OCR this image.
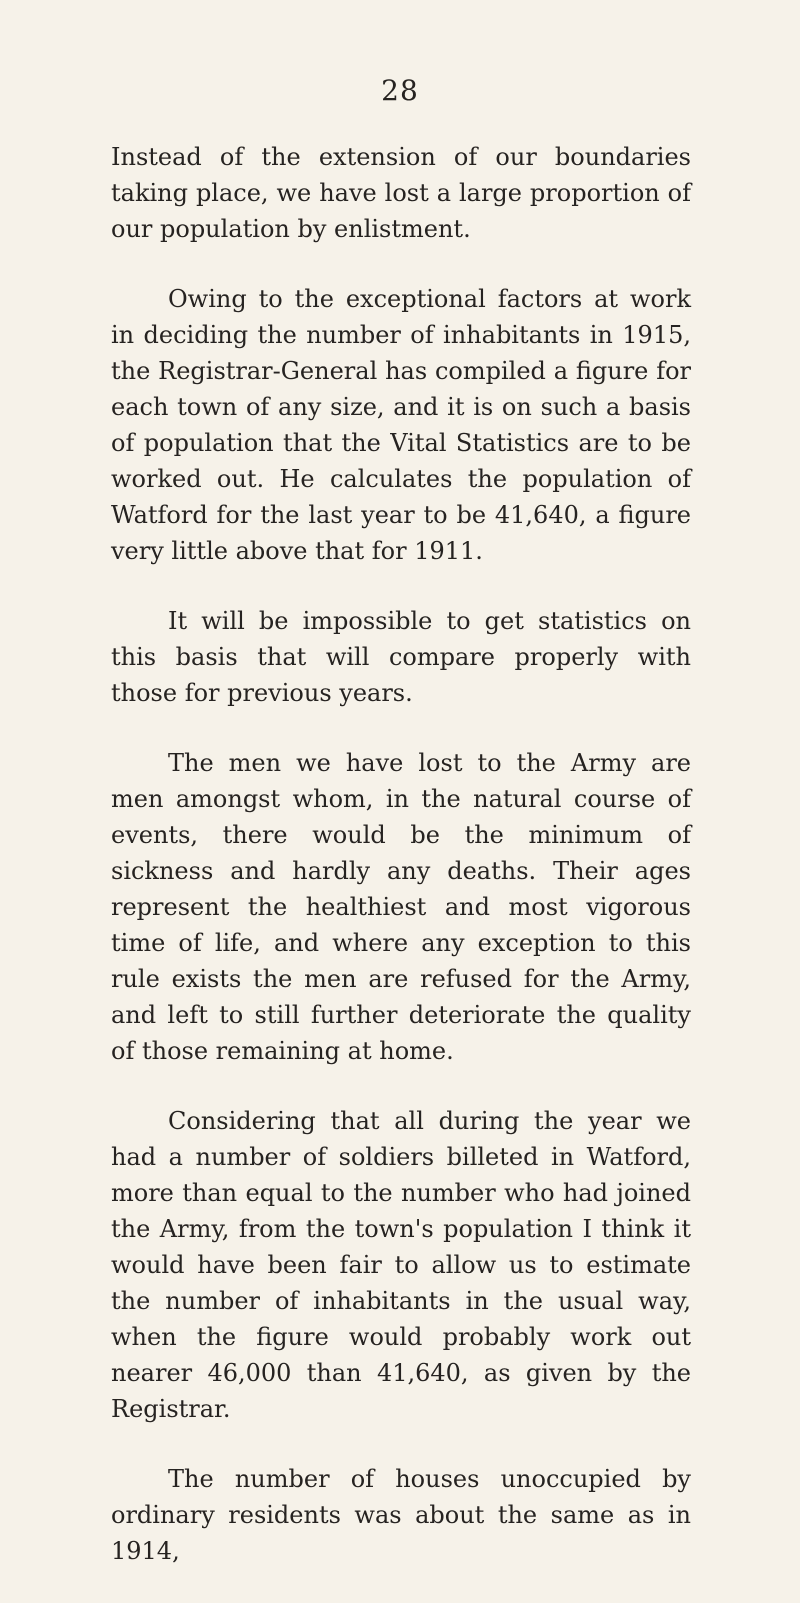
28

Instead of the extension of our boundaries taking place, we have lost a large proportion of our population by enlistment.

Owing to the exceptional factors at work in deciding the number of inhabitants in 1915, the Registrar-General has compiled a figure for each town of any size, and it is on such a basis of population that the Vital Statistics are to be worked out. He calculates the population of Watford for the last year to be 41,640, a figure very little above that for 1911.

It will be impossible to get statistics on this basis that will compare properly with those for previous years.

The men we have lost to the Army are men amongst whom, in the natural course of events, there would be the minimum of sickness and hardly any deaths. Their ages represent the healthiest and most vigorous time of life, and where any exception to this rule exists the men are refused for the Army, and left to still further deteriorate the quality of those remaining at home.

Considering that all during the year we had a number of soldiers billeted in Watford, more than equal to the number who had joined the Army, from the town's population I think it would have been fair to allow us to estimate the number of inhabitants in the usual way, when the figure would probably work out nearer 46,000 than 41,640, as given by the Registrar.

The number of houses unoccupied by ordinary residents was about the same as in 1914,
